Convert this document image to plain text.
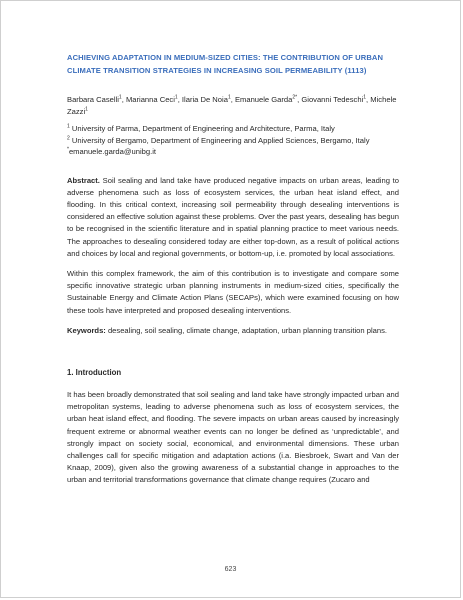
ACHIEVING ADAPTATION IN MEDIUM-SIZED CITIES: THE CONTRIBUTION OF URBAN CLIMATE TRANSITION STRATEGIES IN INCREASING SOIL PERMEABILITY (1113)
Barbara Caselli$^1$, Marianna Ceci$^1$, Ilaria De Noia$^1$, Emanuele Garda$^{2*}$, Giovanni Tedeschi$^1$, Michele Zazzi$^1$
$^1$ University of Parma, Department of Engineering and Architecture, Parma, Italy
$^2$ University of Bergamo, Department of Engineering and Applied Sciences, Bergamo, Italy
*emanuele.garda@unibg.it
Abstract. Soil sealing and land take have produced negative impacts on urban areas, leading to adverse phenomena such as loss of ecosystem services, the urban heat island effect, and flooding. In this critical context, increasing soil permeability through desealing interventions is considered an effective solution against these problems. Over the past years, desealing has begun to be recognised in the scientific literature and in spatial planning practice to meet various needs. The approaches to desealing considered today are either top-down, as a result of political actions and choices by local and regional governments, or bottom-up, i.e. promoted by local associations.
Within this complex framework, the aim of this contribution is to investigate and compare some specific innovative strategic urban planning instruments in medium-sized cities, specifically the Sustainable Energy and Climate Action Plans (SECAPs), which were examined focusing on how these tools have interpreted and proposed desealing interventions.
Keywords: desealing, soil sealing, climate change, adaptation, urban planning transition plans.
1. Introduction
It has been broadly demonstrated that soil sealing and land take have strongly impacted urban and metropolitan systems, leading to adverse phenomena such as loss of ecosystem services, the urban heat island effect, and flooding. The severe impacts on urban areas caused by increasingly frequent extreme or abnormal weather events can no longer be defined as ‘unpredictable’, and strongly impact on society social, economical, and environmental dimensions. These urban challenges call for specific mitigation and adaptation actions (i.a. Biesbroek, Swart and Van der Knaap, 2009), given also the growing awareness of a substantial change in approaches to the urban and territorial transformations governance that climate change requires (Zucaro and
623
